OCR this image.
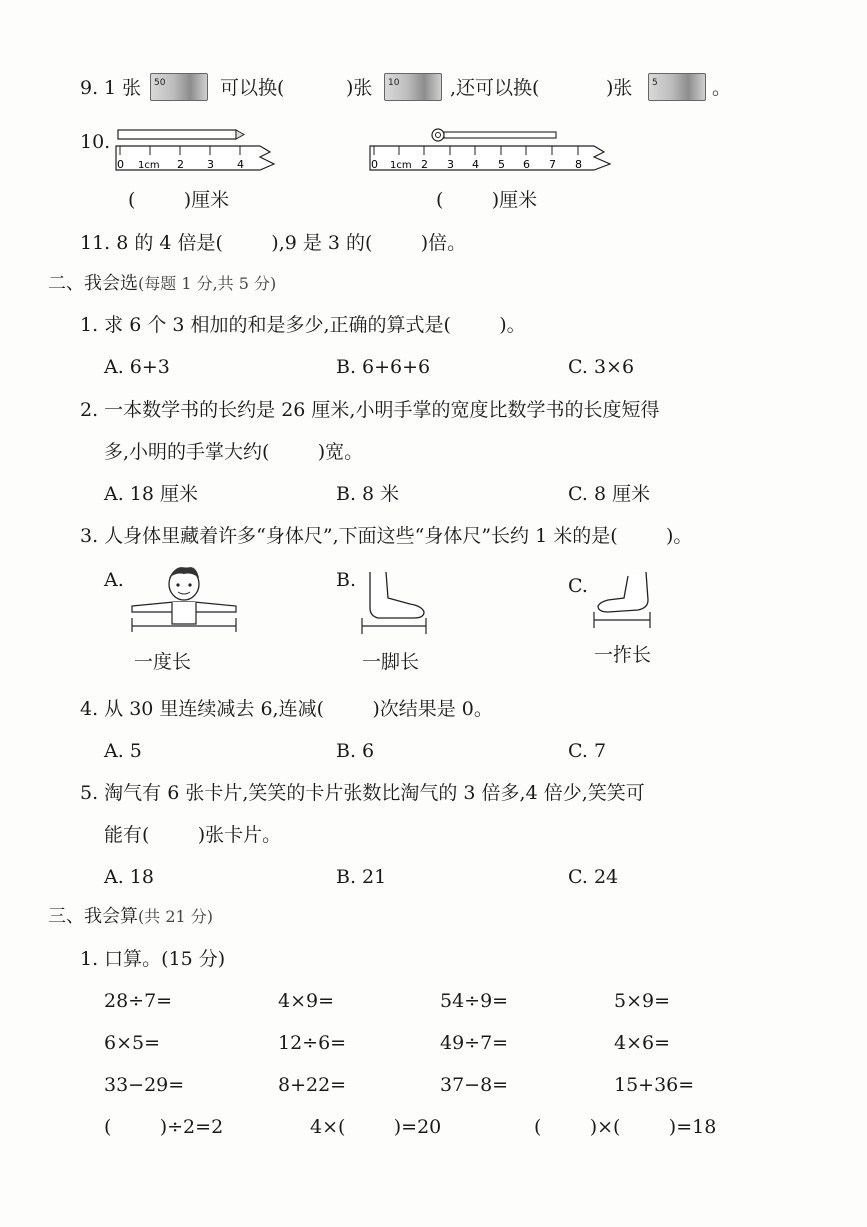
9. 1 张 50	可以换(	)张 10	,还可以换(	)张 5	。
10.
0 1cm 2 3 4	0 1cm 2 3 4 5 6 7 8
(        )厘米	(        )厘米
11. 8 的 4 倍是(        ),9 是 3 的(        )倍。
二、我会选(每题 1 分,共 5 分)
1. 求 6 个 3 相加的和是多少,正确的算式是(        )。
A. 6+3	B. 6+6+6	C. 3×6
2. 一本数学书的长约是 26 厘米,小明手掌的宽度比数学书的长度短得
多,小明的手掌大约(        )宽。
A. 18 厘米	B. 8 米	C. 8 厘米
3. 人身体里藏着许多“身体尺”,下面这些“身体尺”长约 1 米的是(        )。
A.
一度长
B.
一脚长
C.
一拃长
4. 从 30 里连续减去 6,连减(        )次结果是 0。
A. 5	B. 6	C. 7
5. 淘气有 6 张卡片,笑笑的卡片张数比淘气的 3 倍多,4 倍少,笑笑可
能有(        )张卡片。
A. 18	B. 21	C. 24
三、我会算(共 21 分)
1. 口算。(15 分)
28÷7=	4×9=	54÷9=	5×9=
6×5=	12÷6=	49÷7=	4×6=
33−29=	8+22=	37−8=	15+36=
(        )÷2=2	4×(        )=20	(        )×(        )=18
